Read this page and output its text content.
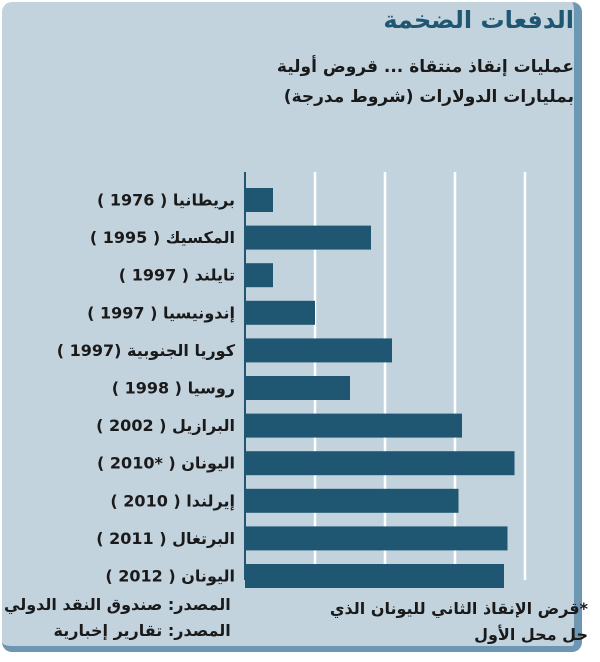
الدفعات الضخمة
عمليات إنقاذ منتقاة ... قروض أولية
بمليارات الدولارات (شروط مدرجة)
بريطانيا ( 1976 )
المكسيك ( 1995 )
تايلند ( 1997 )
إندونيسيا ( 1997 )
كوريا الجنوبية (1997 )
روسيا ( 1998 )
البرازيل ( 2002 )
اليونان ( *2010 )
إيرلندا ( 2010 )
البرتغال ( 2011 )
اليونان ( 2012 )
المصدر: صندوق النقد الدولي
المصدر: تقارير إخبارية
*قرض الإنقاذ الثاني لليونان الذي
حل محل الأول
